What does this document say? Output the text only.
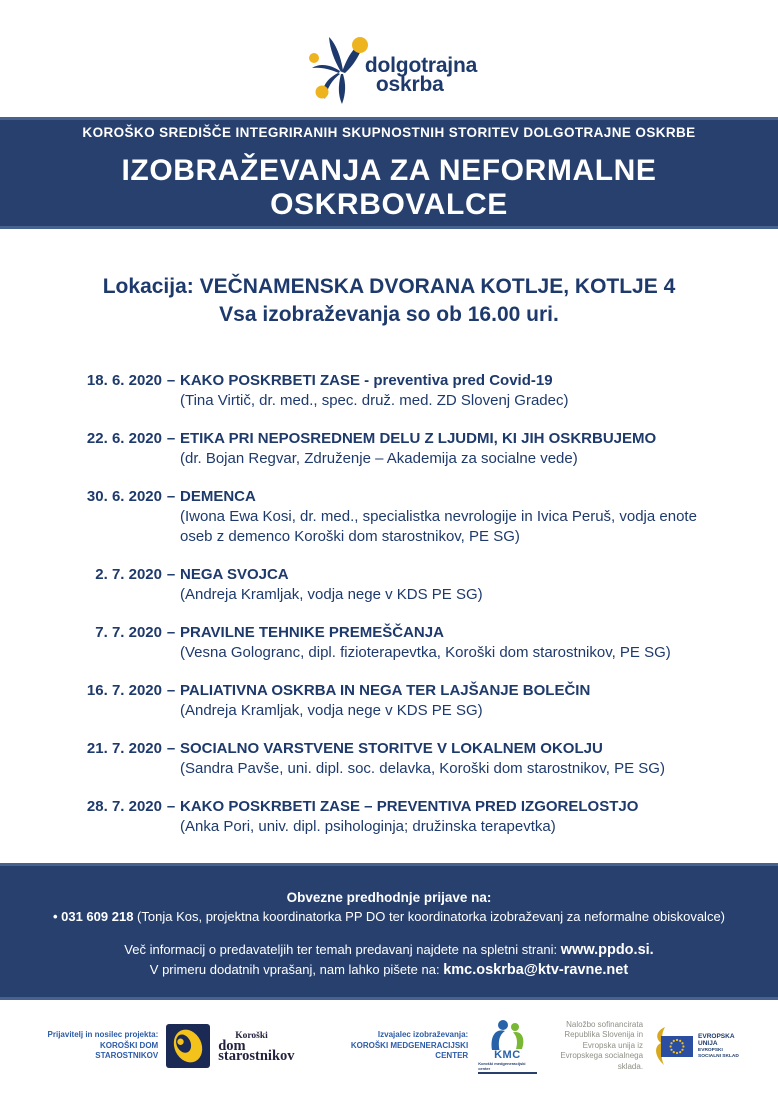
dolgotrajna
oskrba
KOROŠKO SREDIŠČE INTEGRIRANIH SKUPNOSTNIH STORITEV DOLGOTRAJNE OSKRBE
IZOBRAŽEVANJA ZA NEFORMALNE OSKRBOVALCE
Lokacija: VEČNAMENSKA DVORANA KOTLJE, KOTLJE 4
Vsa izobraževanja so ob 16.00 uri.
18. 6. 2020 – KAKO POSKRBETI ZASE - preventiva pred Covid-19
(Tina Virtič, dr. med., spec. druž. med. ZD Slovenj Gradec)
22. 6. 2020 – ETIKA PRI NEPOSREDNEM DELU Z LJUDMI, KI JIH OSKRBUJEMO
(dr. Bojan Regvar, Združenje – Akademija za socialne vede)
30. 6. 2020 – DEMENCA
(Iwona Ewa Kosi, dr. med., specialistka nevrologije in Ivica Peruš, vodja enote oseb z demenco Koroški dom starostnikov, PE SG)
2. 7. 2020 – NEGA SVOJCA
(Andreja Kramljak, vodja nege v KDS PE SG)
7. 7. 2020 – PRAVILNE TEHNIKE PREMEŠČANJA
(Vesna Gologranc, dipl. fizioterapevtka, Koroški dom starostnikov, PE SG)
16. 7. 2020 – PALIATIVNA OSKRBA IN NEGA TER LAJŠANJE BOLEČIN
(Andreja Kramljak, vodja nege v KDS PE SG)
21. 7. 2020 – SOCIALNO VARSTVENE STORITVE V LOKALNEM OKOLJU
(Sandra Pavše, uni. dipl. soc. delavka, Koroški dom starostnikov, PE SG)
28. 7. 2020 – KAKO POSKRBETI ZASE – PREVENTIVA PRED IZGORELOSTJO
(Anka Pori, univ. dipl. psihologinja; družinska terapevtka)
Obvezne predhodnje prijave na:
• 031 609 218 (Tonja Kos, projektna koordinatorka PP DO ter koordinatorka izobraževanj za neformalne obiskovalce)
Več informacij o predavateljih ter temah predavanj najdete na spletni strani: www.ppdo.si.
V primeru dodatnih vprašanj, nam lahko pišete na: kmc.oskrba@ktv-ravne.net
Prijavitelj in nosilec projekta:
KOROŠKI DOM STAROSTNIKOV
Koroški
dom starostnikov
Izvajalec izobraževanja:
KOROŠKI MEDGENERACIJSKI CENTER KMC
Koroški medgeneracijski center
Naložbo sofinancirata
Republika Slovenija in
Evropska unija iz
Evropskega socialnega sklada.
EVROPSKA UNIJA
EVROPSKI
SOCIALNI SKLAD
